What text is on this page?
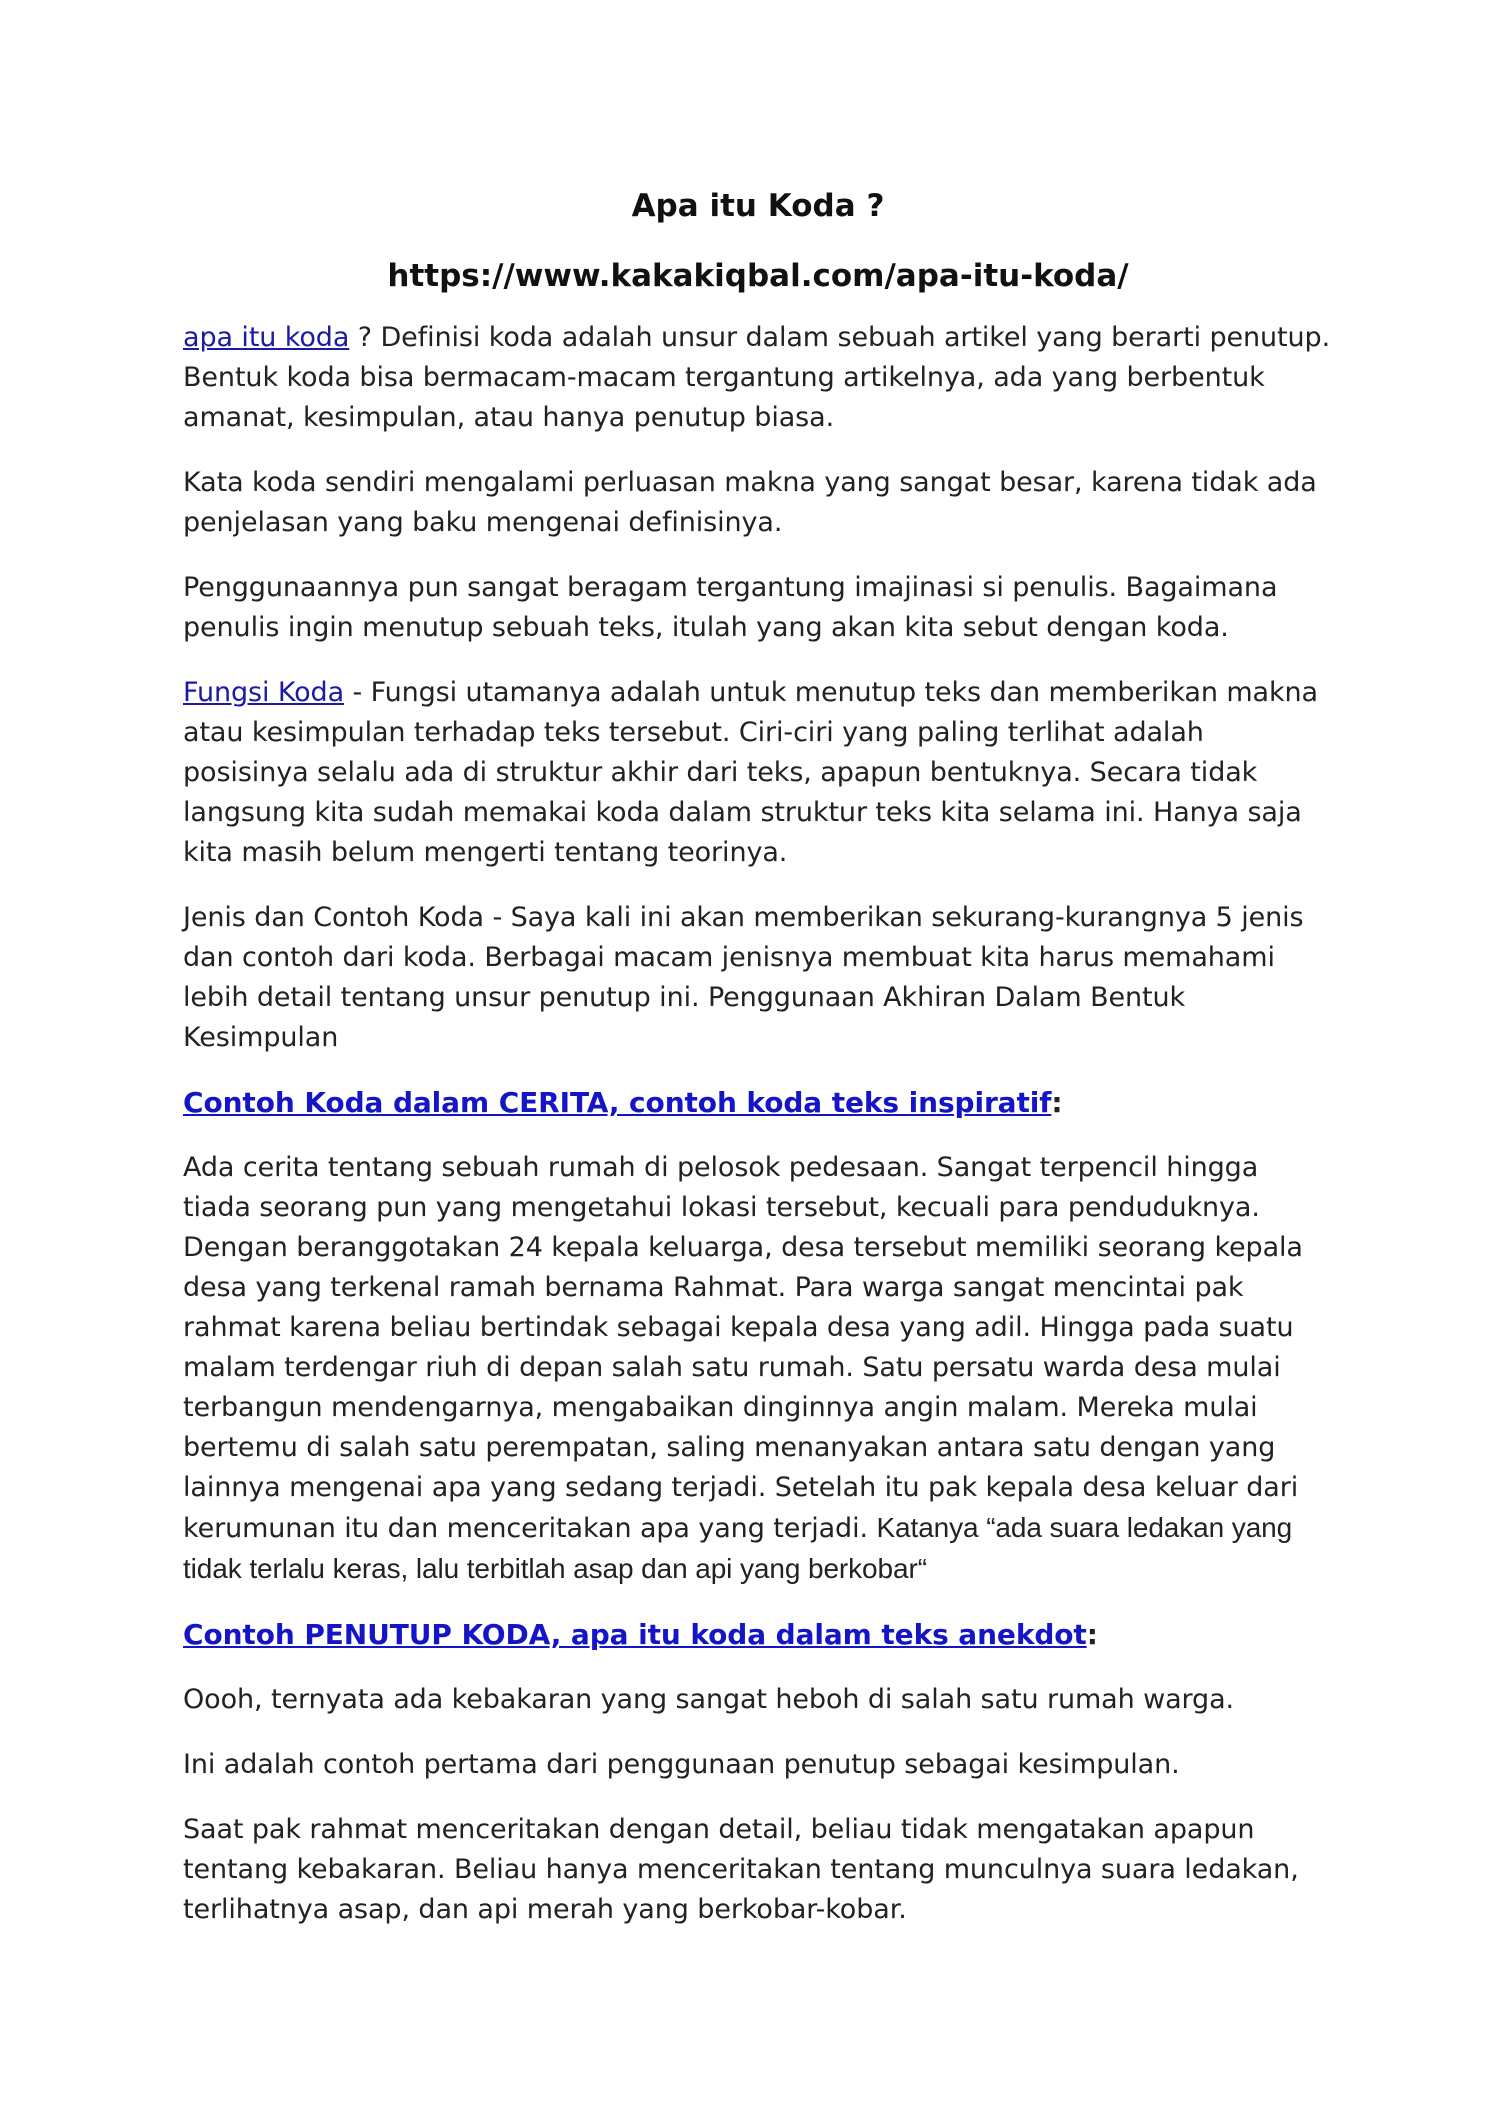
Apa itu Koda ?
https://www.kakakiqbal.com/apa-itu-koda/

apa itu koda ? Definisi koda adalah unsur dalam sebuah artikel yang berarti penutup. Bentuk koda bisa bermacam-macam tergantung artikelnya, ada yang berbentuk amanat, kesimpulan, atau hanya penutup biasa.

Kata koda sendiri mengalami perluasan makna yang sangat besar, karena tidak ada penjelasan yang baku mengenai definisinya.

Penggunaannya pun sangat beragam tergantung imajinasi si penulis. Bagaimana penulis ingin menutup sebuah teks, itulah yang akan kita sebut dengan koda.

Fungsi Koda - Fungsi utamanya adalah untuk menutup teks dan memberikan makna atau kesimpulan terhadap teks tersebut. Ciri-ciri yang paling terlihat adalah posisinya selalu ada di struktur akhir dari teks, apapun bentuknya. Secara tidak langsung kita sudah memakai koda dalam struktur teks kita selama ini. Hanya saja kita masih belum mengerti tentang teorinya.

Jenis dan Contoh Koda - Saya kali ini akan memberikan sekurang-kurangnya 5 jenis dan contoh dari koda. Berbagai macam jenisnya membuat kita harus memahami lebih detail tentang unsur penutup ini. Penggunaan Akhiran Dalam Bentuk Kesimpulan

Contoh Koda dalam CERITA, contoh koda teks inspiratif:

Ada cerita tentang sebuah rumah di pelosok pedesaan. Sangat terpencil hingga tiada seorang pun yang mengetahui lokasi tersebut, kecuali para penduduknya. Dengan beranggotakan 24 kepala keluarga, desa tersebut memiliki seorang kepala desa yang terkenal ramah bernama Rahmat. Para warga sangat mencintai pak rahmat karena beliau bertindak sebagai kepala desa yang adil. Hingga pada suatu malam terdengar riuh di depan salah satu rumah. Satu persatu warda desa mulai terbangun mendengarnya, mengabaikan dinginnya angin malam. Mereka mulai bertemu di salah satu perempatan, saling menanyakan antara satu dengan yang lainnya mengenai apa yang sedang terjadi. Setelah itu pak kepala desa keluar dari kerumunan itu dan menceritakan apa yang terjadi. Katanya “ada suara ledakan yang tidak terlalu keras, lalu terbitlah asap dan api yang berkobar“

Contoh PENUTUP KODA, apa itu koda dalam teks anekdot:

Oooh, ternyata ada kebakaran yang sangat heboh di salah satu rumah warga.

Ini adalah contoh pertama dari penggunaan penutup sebagai kesimpulan.

Saat pak rahmat menceritakan dengan detail, beliau tidak mengatakan apapun tentang kebakaran. Beliau hanya menceritakan tentang munculnya suara ledakan, terlihatnya asap, dan api merah yang berkobar-kobar.
